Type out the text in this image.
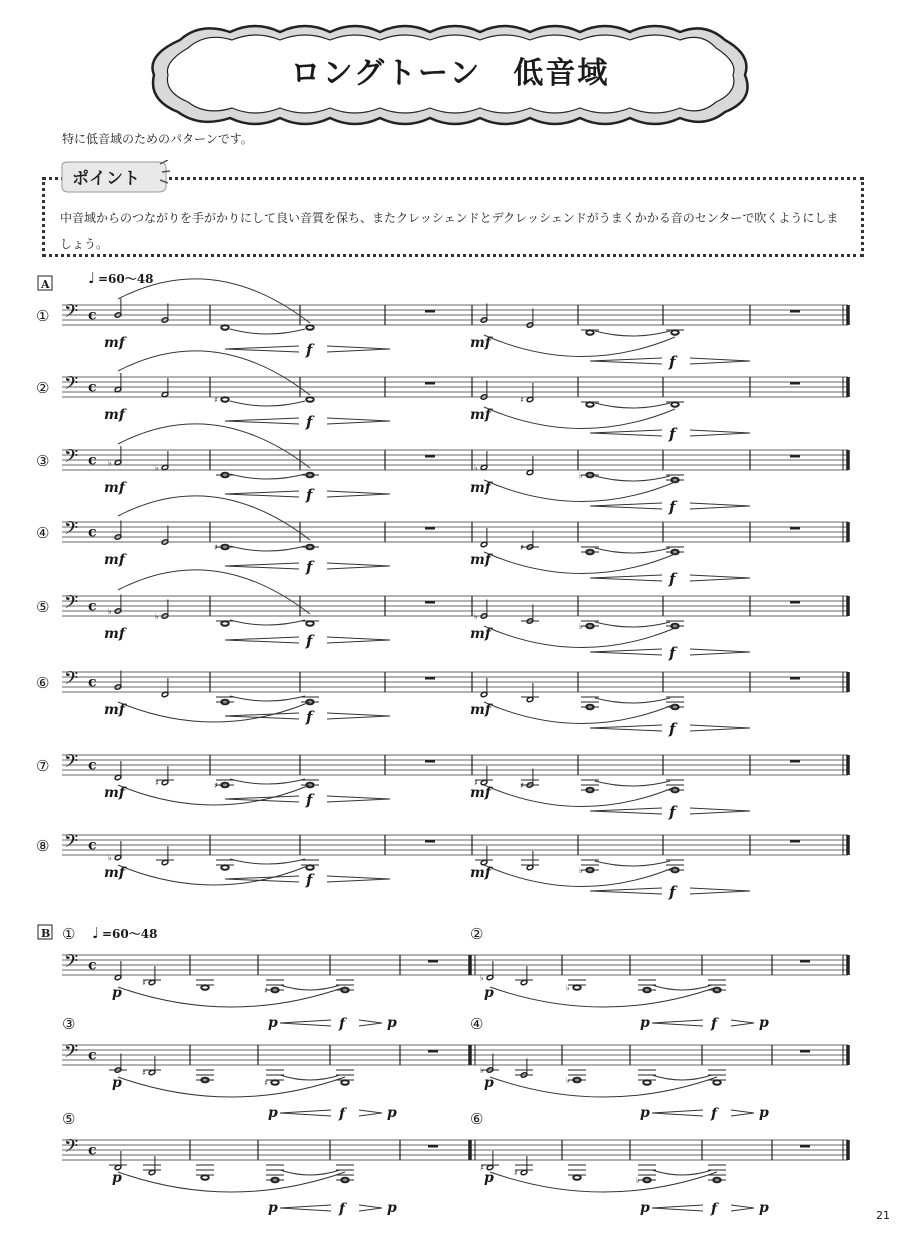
ロングトーン　低音域
特に低音域のためのパターンです。
ポイント
中音域からのつながりを手がかりにして良い音質を保ち、またクレッシェンドとデクレッシェンドがうまくかかる音のセンターで吹くようにしましょう。
A	♩ =60～48
① 𝄢 c
mf	mf
f
f
② 𝄢 c
♯	♯
mf	mf
f
f
③ 𝄢 c ♭
♭	♭
♭
mf	mf
f
f
④ 𝄢 c
♯	♯
mf	mf
f
f
⑤ 𝄢 c ♭
♭	♭
♭
mf	mf
f
f
⑥ 𝄢 c
mf	mf
f
f
⑦ 𝄢 c
♯	♯	♯	♯
mf	mf
f
f
⑧ 𝄢 c
♭
♭
mf	mf
f
f
B	♩ =60～48
①
𝄢 c
♯
♯
p
p	f	p
②
♭
♭
p
p	f	p
③
𝄢 c
♯
♯
p
p	f	p
④
♭
♭
p
p	f	p
⑤
𝄢 c
p
p	f	p
⑥
♯
♯
♭
p
p	f	p	21
